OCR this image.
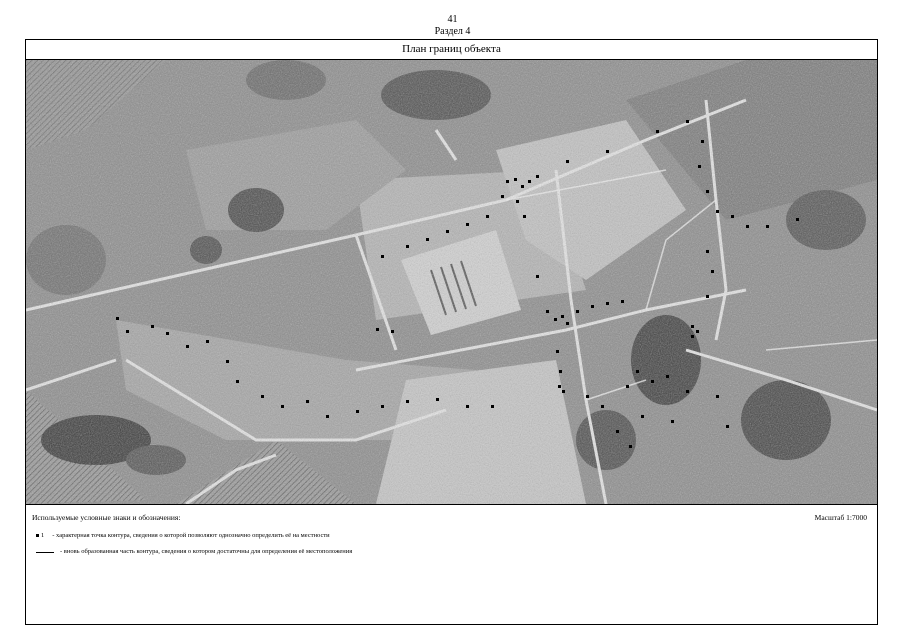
41
Раздел 4
План границ объекта
Используемые условные знаки и обозначения:	Масштаб 1:7000
1 - характерная точка контура, сведения о которой позволяют однозначно определить её на местности
- вновь образованная часть контура, сведения о котором достаточны для определения её местоположения
